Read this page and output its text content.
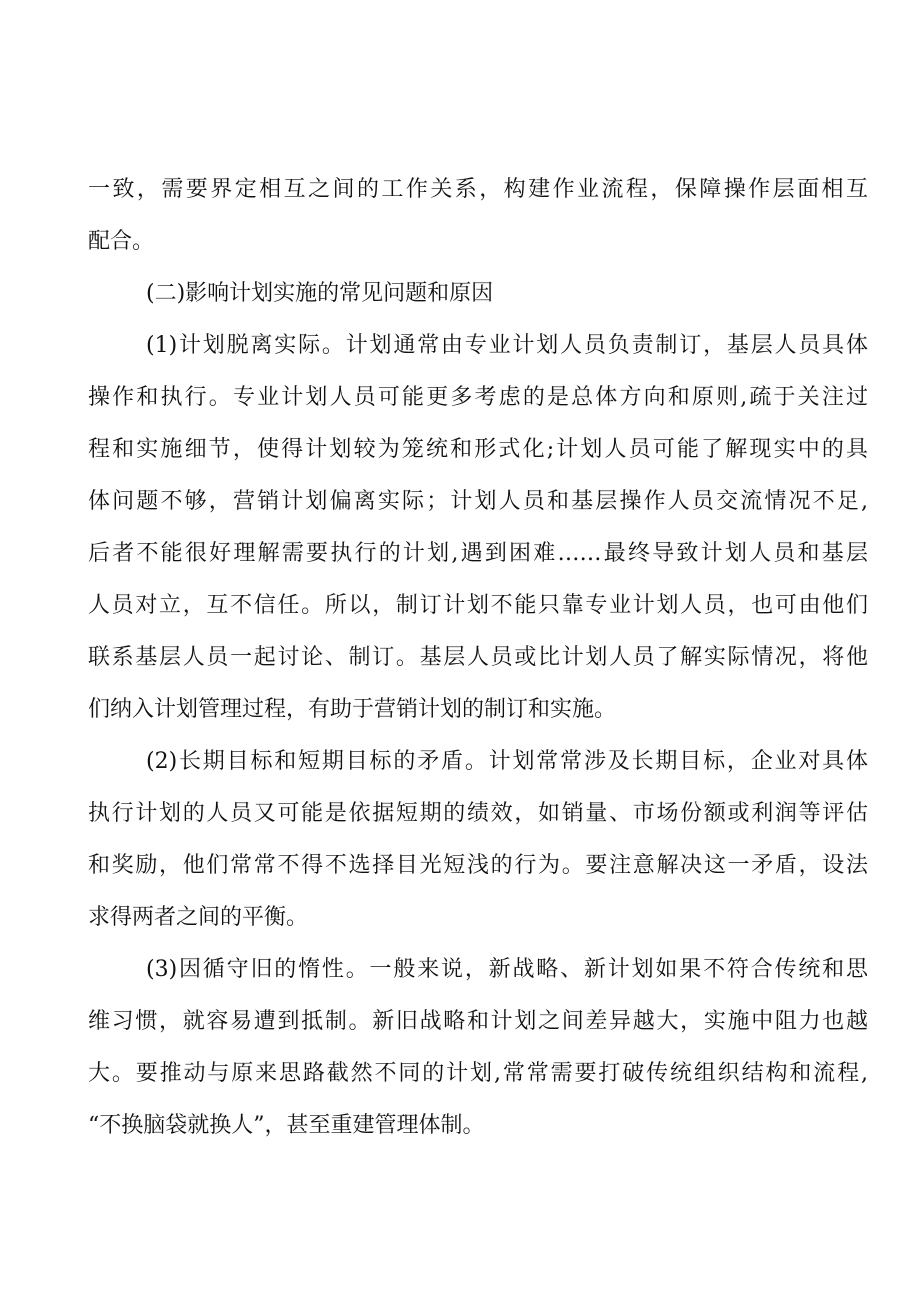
一致，需要界定相互之间的工作关系，构建作业流程，保障操作层面相互
配合。
(二)影响计划实施的常见问题和原因
(1)计划脱离实际。计划通常由专业计划人员负责制订，基层人员具体
操作和执行。专业计划人员可能更多考虑的是总体方向和原则,疏于关注过
程和实施细节，使得计划较为笼统和形式化;计划人员可能了解现实中的具
体问题不够，营销计划偏离实际；计划人员和基层操作人员交流情况不足,
后者不能很好理解需要执行的计划,遇到困难……最终导致计划人员和基层
人员对立，互不信任。所以，制订计划不能只靠专业计划人员，也可由他们
联系基层人员一起讨论、制订。基层人员或比计划人员了解实际情况，将他
们纳入计划管理过程，有助于营销计划的制订和实施。
(2)长期目标和短期目标的矛盾。计划常常涉及长期目标，企业对具体
执行计划的人员又可能是依据短期的绩效，如销量、市场份额或利润等评估
和奖励，他们常常不得不选择目光短浅的行为。要注意解决这一矛盾，设法
求得两者之间的平衡。
(3)因循守旧的惰性。一般来说，新战略、新计划如果不符合传统和思
维习惯，就容易遭到抵制。新旧战略和计划之间差异越大，实施中阻力也越
大。要推动与原来思路截然不同的计划,常常需要打破传统组织结构和流程,
“不换脑袋就换人”，甚至重建管理体制。
